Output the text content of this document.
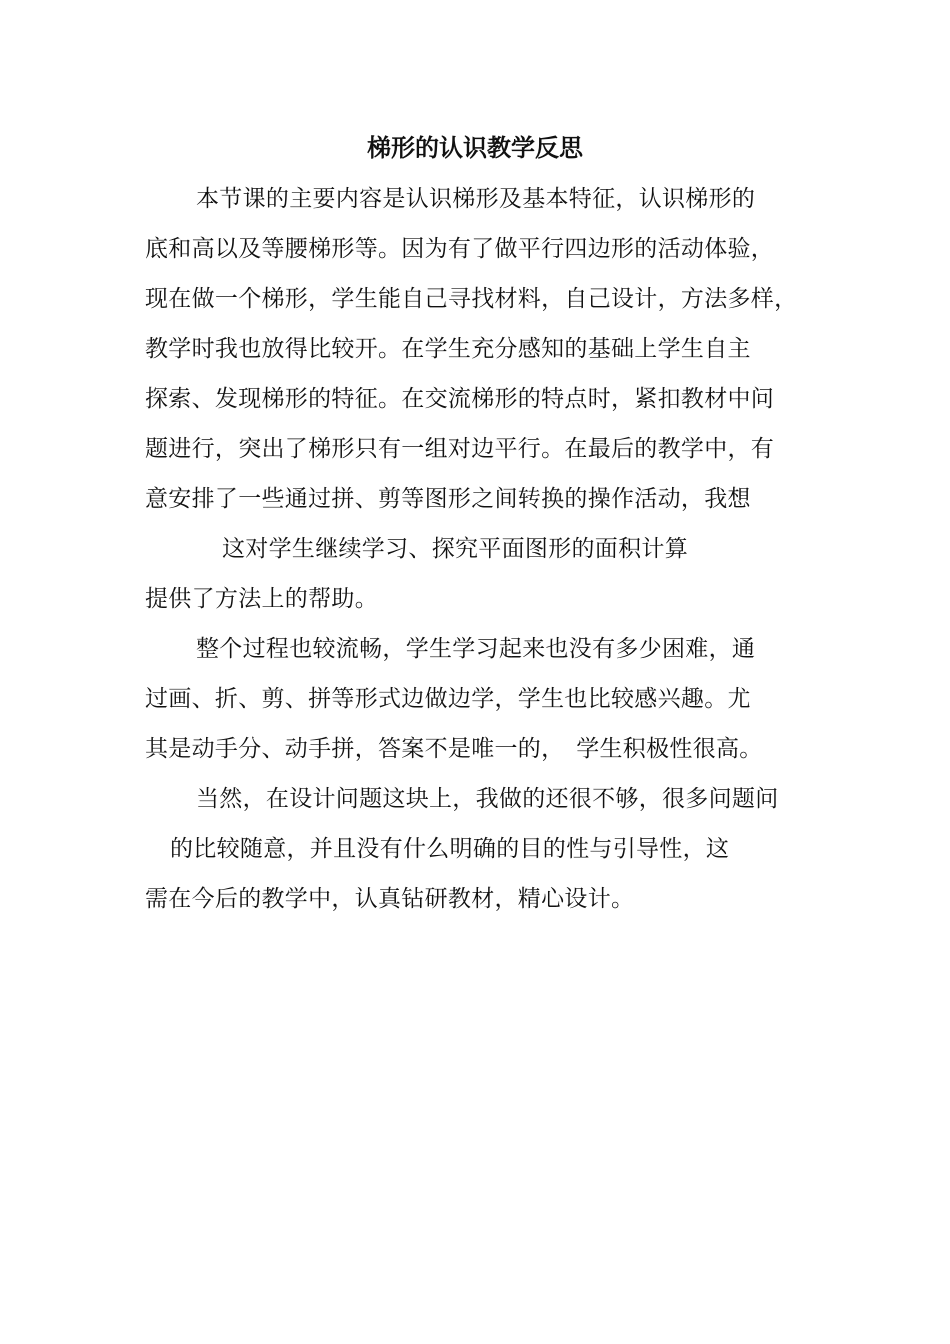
梯形的认识教学反思
本节课的主要内容是认识梯形及基本特征，认识梯形的
底和高以及等腰梯形等。因为有了做平行四边形的活动体验，
现在做一个梯形，学生能自己寻找材料，自己设计，方法多样，
教学时我也放得比较开。在学生充分感知的基础上学生自主
探索、发现梯形的特征。在交流梯形的特点时，紧扣教材中问
题进行，突出了梯形只有一组对边平行。在最后的教学中，有
意安排了一些通过拼、剪等图形之间转换的操作活动，我想
这对学生继续学习、探究平面图形的面积计算
提供了方法上的帮助。
整个过程也较流畅，学生学习起来也没有多少困难，通
过画、折、剪、拼等形式边做边学，学生也比较感兴趣。尤
其是动手分、动手拼，答案不是唯一的，　学生积极性很高。
当然，在设计问题这块上，我做的还很不够，很多问题问
的比较随意，并且没有什么明确的目的性与引导性，这
需在今后的教学中，认真钻研教材，精心设计。
